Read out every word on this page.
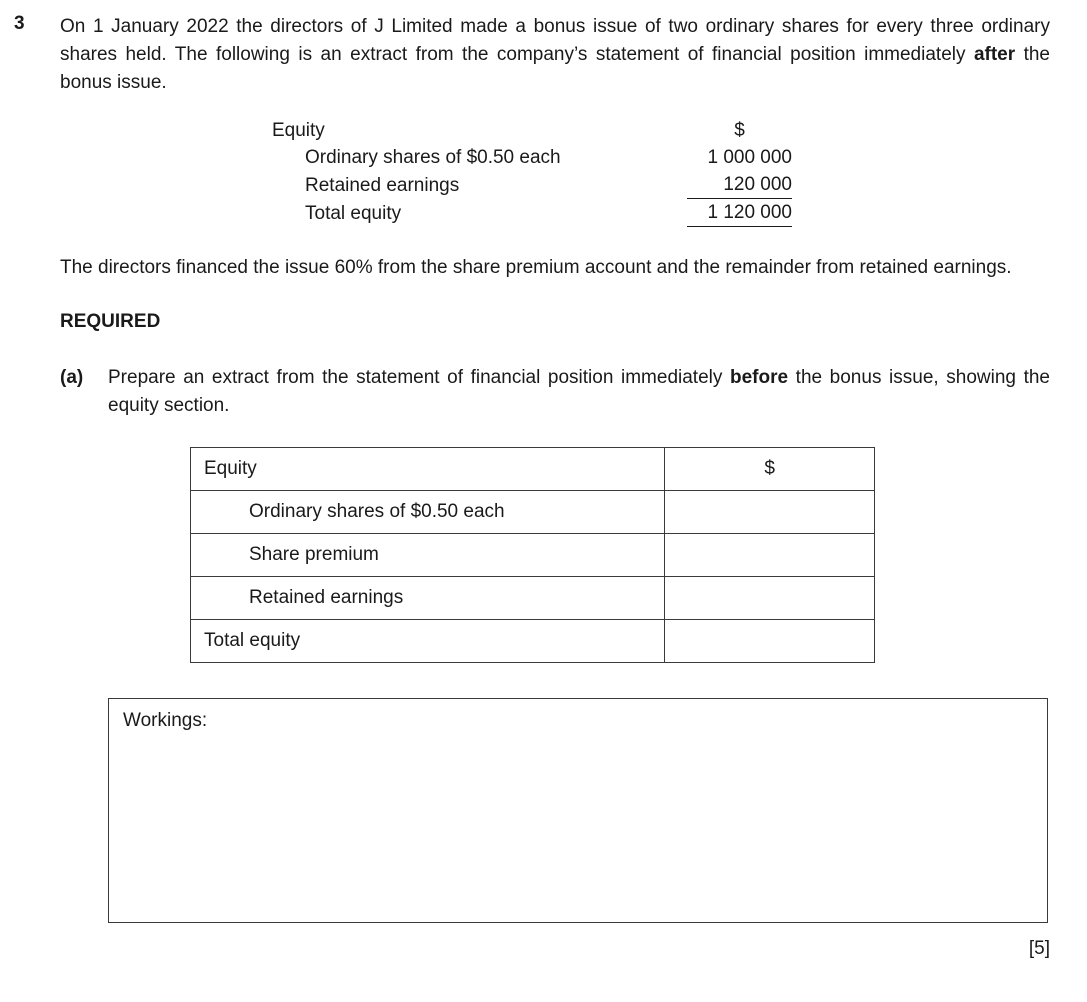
3 On 1 January 2022 the directors of J Limited made a bonus issue of two ordinary shares for every three ordinary shares held. The following is an extract from the company’s statement of financial position immediately after the bonus issue.

Equity	$
Ordinary shares of $0.50 each	1 000 000
Retained earnings	120 000
Total equity	1 120 000

The directors financed the issue 60% from the share premium account and the remainder from retained earnings.

REQUIRED
(a)	Prepare an extract from the statement of financial position immediately before the bonus issue, showing the equity section.
Equity	$
Ordinary shares of $0.50 each	
Share premium	
Retained earnings	
Total equity	
Workings:
[5]
